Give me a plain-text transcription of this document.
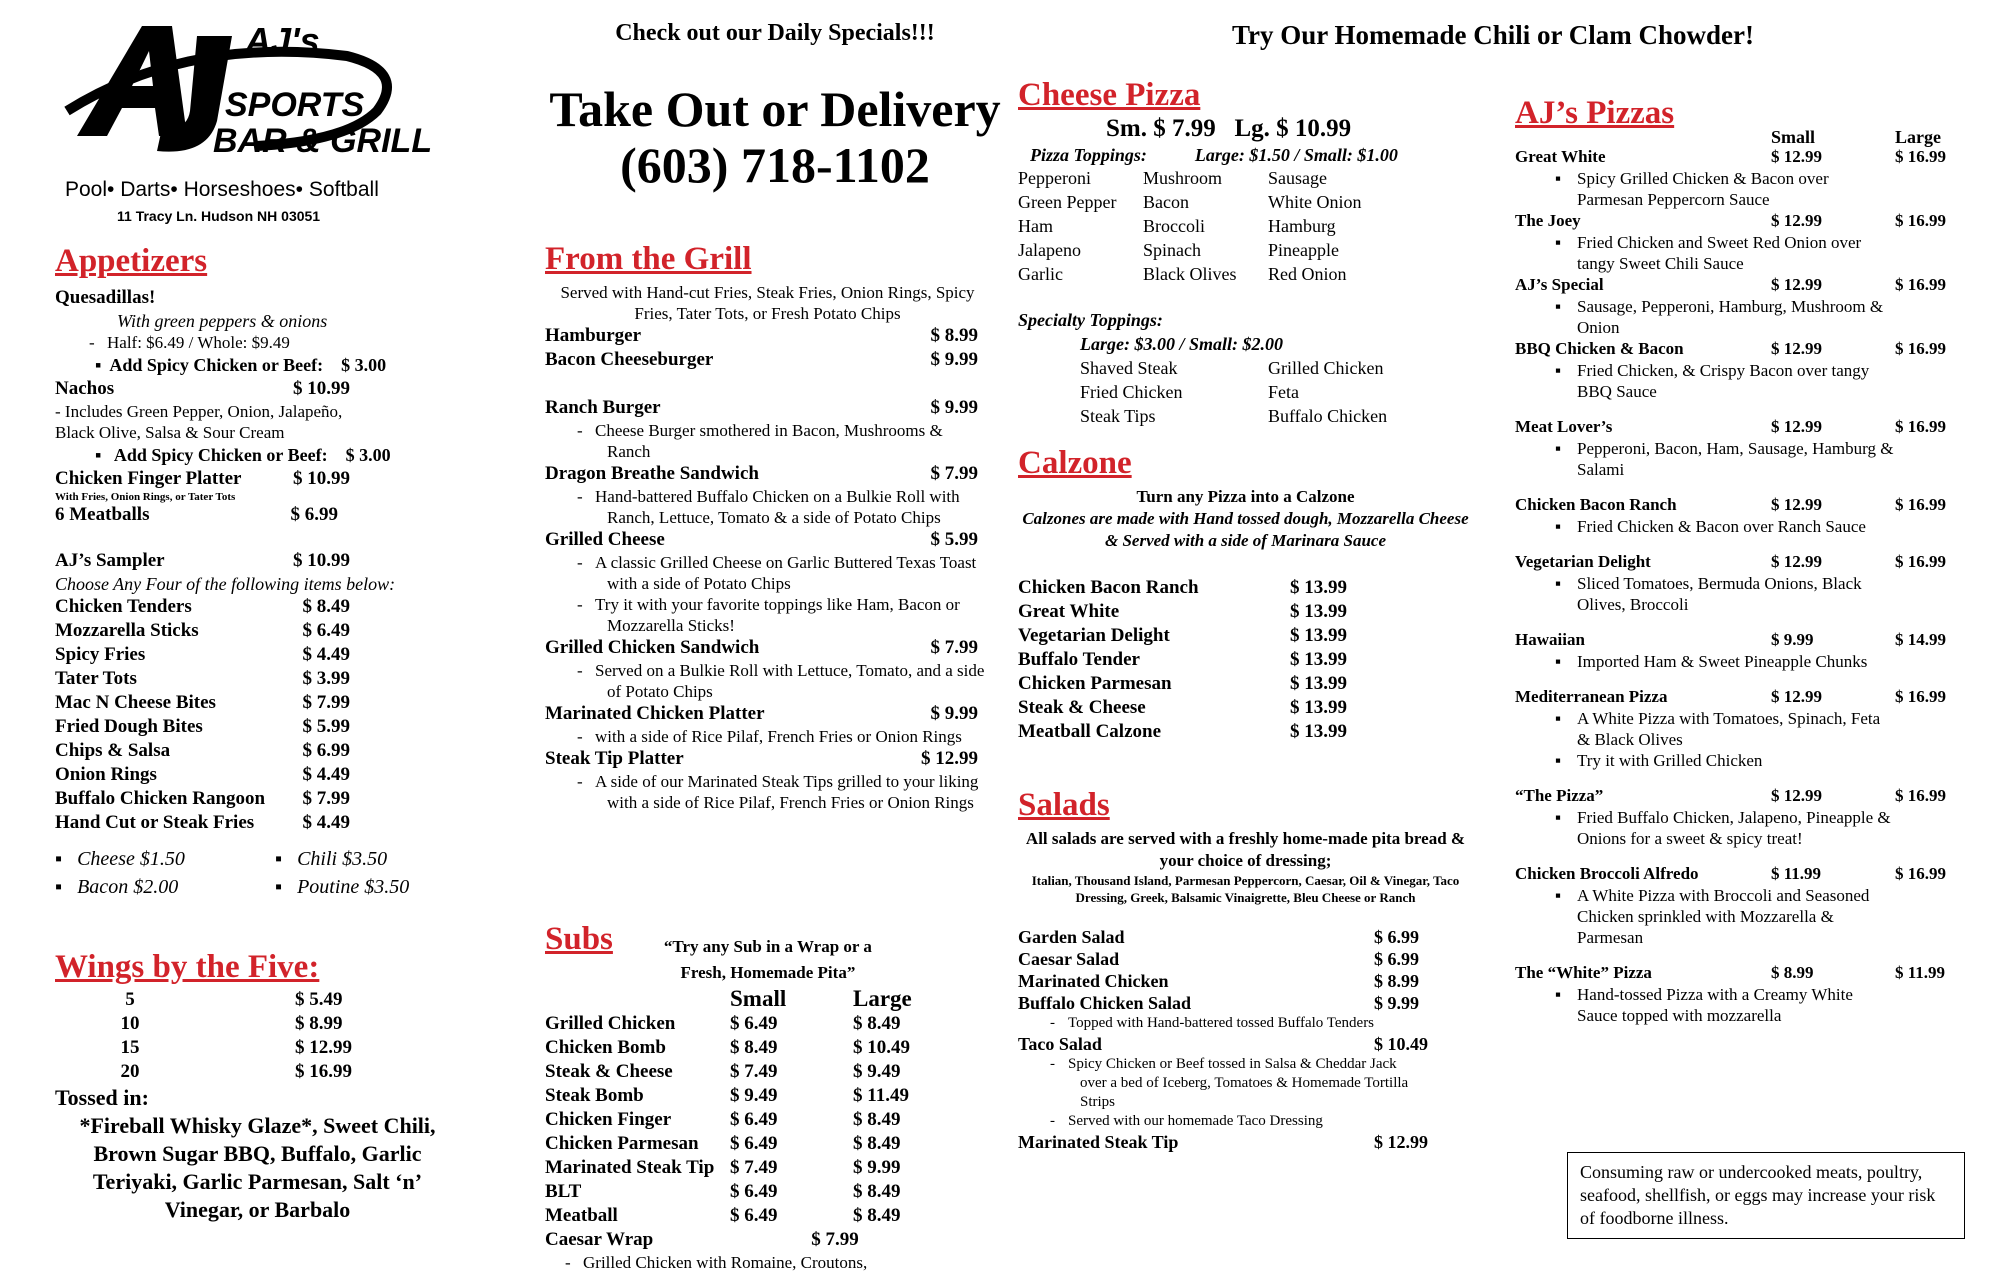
AJ's
SPORTS
BAR & GRILL
Pool• Darts• Horseshoes• Softball
11 Tracy Ln. Hudson NH 03051
Appetizers
Quesadillas!
With green peppers & onions
- Half: $6.49 / Whole: $9.49
▪  Add Spicy Chicken or Beef: $ 3.00
Nachos	$ 10.99
- Includes Green Pepper, Onion, Jalapeño, Black Olive, Salsa & Sour Cream
▪   Add Spicy Chicken or Beef: $ 3.00
Chicken Finger Platter	$ 10.99
With Fries, Onion Rings, or Tater Tots
6 Meatballs	$ 6.99
AJ’s Sampler	$ 10.99
Choose Any Four of the following items below:
Chicken Tenders	$ 8.49
Mozzarella Sticks	$ 6.49
Spicy Fries	$ 4.49
Tater Tots	$ 3.99
Mac N Cheese Bites	$ 7.99
Fried Dough Bites	$ 5.99
Chips & Salsa	$ 6.99
Onion Rings	$ 4.49
Buffalo Chicken Rangoon $ 7.99
Hand Cut or Steak Fries	$ 4.49
▪   Cheese $1.50	▪   Chili $3.50
▪   Bacon $2.00	▪   Poutine $3.50
Wings by the Five:
5	$ 5.49
10	$ 8.99
15	$ 12.99
20	$ 16.99
Tossed in:
*Fireball Whisky Glaze*, Sweet Chili, Brown Sugar BBQ, Buffalo, Garlic Teriyaki, Garlic Parmesan, Salt ‘n’ Vinegar, or Barbalo
Check out our Daily Specials!!!
Take Out or Delivery
(603) 718-1102
From the Grill
Served with Hand-cut Fries, Steak Fries, Onion Rings, Spicy Fries, Tater Tots, or Fresh Potato Chips
Hamburger	$ 8.99
Bacon Cheeseburger	$ 9.99
Ranch Burger	$ 9.99
- Cheese Burger smothered in Bacon, Mushrooms & Ranch
Dragon Breathe Sandwich	$ 7.99
- Hand-battered Buffalo Chicken on a Bulkie Roll with Ranch, Lettuce, Tomato & a side of Potato Chips
Grilled Cheese	$ 5.99
- A classic Grilled Cheese on Garlic Buttered Texas Toast with a side of Potato Chips
- Try it with your favorite toppings like Ham, Bacon or Mozzarella Sticks!
Grilled Chicken Sandwich	$ 7.99
- Served on a Bulkie Roll with Lettuce, Tomato, and a side of Potato Chips
Marinated Chicken Platter	$ 9.99
- with a side of Rice Pilaf, French Fries or Onion Rings
Steak Tip Platter	$ 12.99
- A side of our Marinated Steak Tips grilled to your liking with a side of Rice Pilaf, French Fries or Onion Rings
Subs	“Try any Sub in a Wrap or a Fresh, Homemade Pita”
Small	Large
Grilled Chicken	$ 6.49	$ 8.49
Chicken Bomb	$ 8.49	$ 10.49
Steak & Cheese	$ 7.49	$ 9.49
Steak Bomb	$ 9.49	$ 11.49
Chicken Finger	$ 6.49	$ 8.49
Chicken Parmesan	$ 6.49	$ 8.49
Marinated Steak Tip $ 7.49	$ 9.99
BLT	$ 6.49	$ 8.49
Meatball	$ 6.49	$ 8.49
Caesar Wrap	$ 7.99
- Grilled Chicken with Romaine, Croutons,
Try Our Homemade Chili or Clam Chowder!
Cheese Pizza
Sm. $ 7.99   Lg. $ 10.99
Pizza Toppings:	Large: $1.50 / Small: $1.00
Pepperoni	Mushroom	Sausage
Green Pepper	Bacon	White Onion
Ham	Broccoli	Hamburg
Jalapeno	Spinach	Pineapple
Garlic	Black Olives	Red Onion
Specialty Toppings:
Large: $3.00 / Small: $2.00
Shaved Steak	Grilled Chicken
Fried Chicken	Feta
Steak Tips	Buffalo Chicken
Calzone
Turn any Pizza into a Calzone
Calzones are made with Hand tossed dough, Mozzarella Cheese & Served with a side of Marinara Sauce
Chicken Bacon Ranch	$ 13.99
Great White	$ 13.99
Vegetarian Delight	$ 13.99
Buffalo Tender	$ 13.99
Chicken Parmesan	$ 13.99
Steak & Cheese	$ 13.99
Meatball Calzone	$ 13.99
Salads
All salads are served with a freshly home-made pita bread & your choice of dressing;
Italian, Thousand Island, Parmesan Peppercorn, Caesar, Oil & Vinegar, Taco Dressing, Greek, Balsamic Vinaigrette, Bleu Cheese or Ranch
Garden Salad	$ 6.99
Caesar Salad	$ 6.99
Marinated Chicken	$ 8.99
Buffalo Chicken Salad	$ 9.99
- Topped with Hand-battered tossed Buffalo Tenders
Taco Salad	$ 10.49
- Spicy Chicken or Beef tossed in Salsa & Cheddar Jack over a bed of Iceberg, Tomatoes & Homemade Tortilla Strips
- Served with our homemade Taco Dressing
Marinated Steak Tip	$ 12.99
AJ’s Pizzas
Small	Large
Great White	$ 12.99	$ 16.99
▪ Spicy Grilled Chicken & Bacon over Parmesan Peppercorn Sauce
The Joey	$ 12.99	$ 16.99
▪ Fried Chicken and Sweet Red Onion over tangy Sweet Chili Sauce
AJ’s Special	$ 12.99	$ 16.99
▪ Sausage, Pepperoni, Hamburg, Mushroom & Onion
BBQ Chicken & Bacon	$ 12.99	$ 16.99
▪ Fried Chicken, & Crispy Bacon over tangy BBQ Sauce
Meat Lover’s	$ 12.99	$ 16.99
▪ Pepperoni, Bacon, Ham, Sausage, Hamburg & Salami
Chicken Bacon Ranch	$ 12.99	$ 16.99
▪ Fried Chicken & Bacon over Ranch Sauce
Vegetarian Delight	$ 12.99	$ 16.99
▪ Sliced Tomatoes, Bermuda Onions, Black Olives, Broccoli
Hawaiian	$ 9.99	$ 14.99
▪ Imported Ham & Sweet Pineapple Chunks
Mediterranean Pizza	$ 12.99	$ 16.99
▪ A White Pizza with Tomatoes, Spinach, Feta & Black Olives
▪ Try it with Grilled Chicken
“The Pizza”	$ 12.99	$ 16.99
▪ Fried Buffalo Chicken, Jalapeno, Pineapple & Onions for a sweet & spicy treat!
Chicken Broccoli Alfredo	$ 11.99	$ 16.99
▪ A White Pizza with Broccoli and Seasoned Chicken sprinkled with Mozzarella & Parmesan
The “White” Pizza	$ 8.99	$ 11.99
▪ Hand-tossed Pizza with a Creamy White Sauce topped with mozzarella
Consuming raw or undercooked meats, poultry, seafood, shellfish, or eggs may increase your risk of foodborne illness.
